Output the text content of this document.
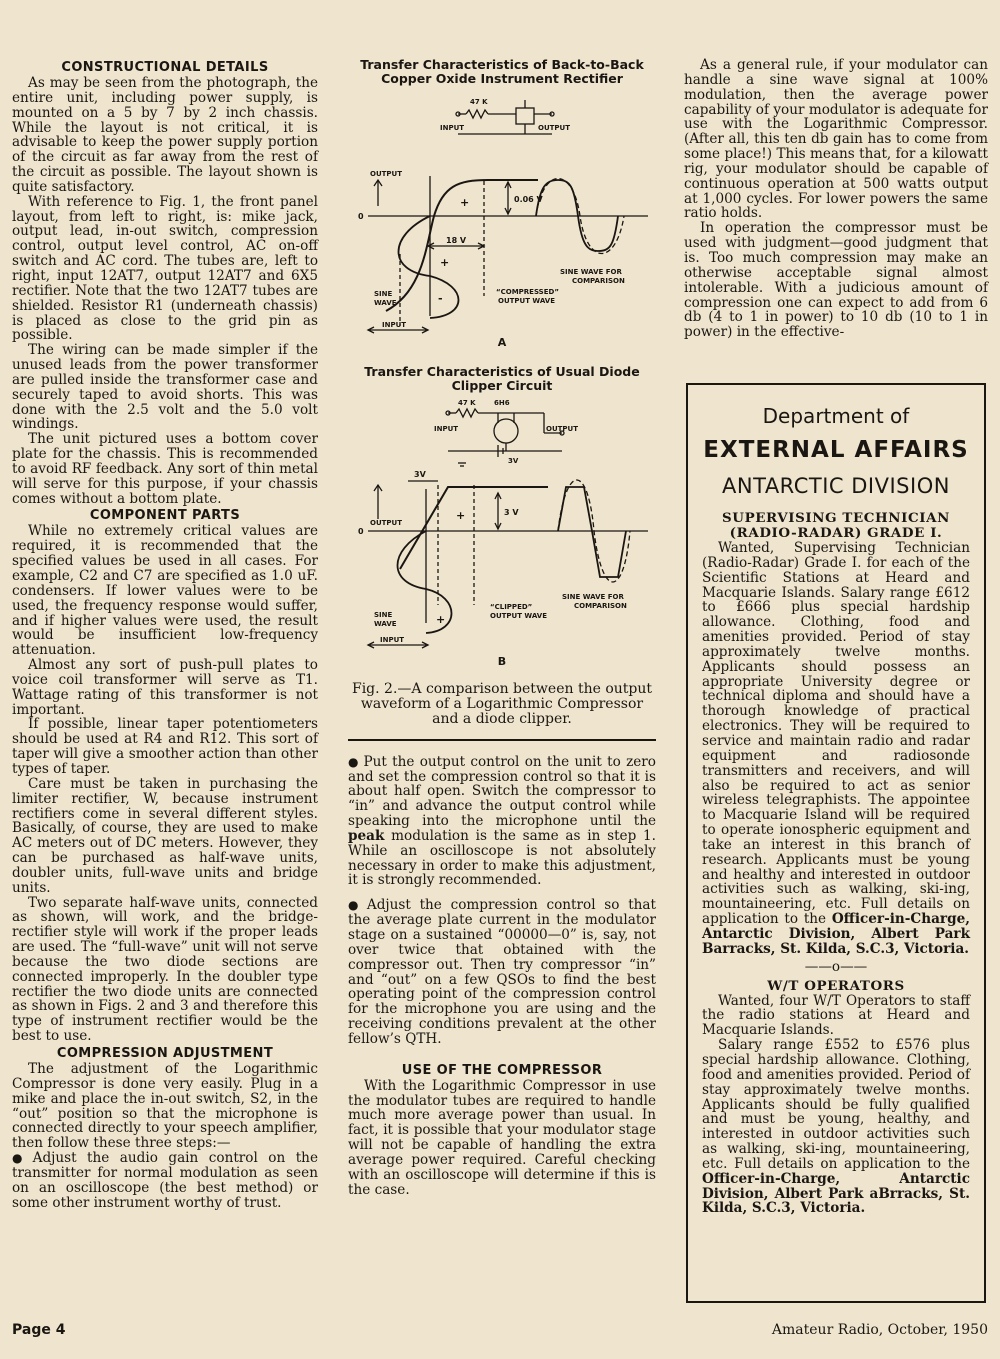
CONSTRUCTIONAL DETAILS

As may be seen from the photograph, the entire unit, including power supply, is mounted on a 5 by 7 by 2 inch chassis. While the layout is not critical, it is advisable to keep the power supply portion of the circuit as far away from the rest of the circuit as possible. The layout shown is quite satisfactory.

With reference to Fig. 1, the front panel layout, from left to right, is: mike jack, output lead, in-out switch, compression control, output level control, AC on-off switch and AC cord. The tubes are, left to right, input 12AT7, output 12AT7 and 6X5 rectifier. Note that the two 12AT7 tubes are shielded. Resistor R1 (underneath chassis) is placed as close to the grid pin as possible.

The wiring can be made simpler if the unused leads from the power transformer are pulled inside the transformer case and securely taped to avoid shorts. This was done with the 2.5 volt and the 5.0 volt windings.

The unit pictured uses a bottom cover plate for the chassis. This is recommended to avoid RF feedback. Any sort of thin metal will serve for this purpose, if your chassis comes without a bottom plate.

COMPONENT PARTS

While no extremely critical values are required, it is recommended that the specified values be used in all cases. For example, C2 and C7 are specified as 1.0 uF. condensers. If lower values were to be used, the frequency response would suffer, and if higher values were used, the result would be insufficient low-frequency attenuation.

Almost any sort of push-pull plates to voice coil transformer will serve as T1. Wattage rating of this transformer is not important.

If possible, linear taper potentiometers should be used at R4 and R12. This sort of taper will give a smoother action than other types of taper.

Care must be taken in purchasing the limiter rectifier, W, because instrument rectifiers come in several different styles. Basically, of course, they are used to make AC meters out of DC meters. However, they can be purchased as half-wave units, doubler units, full-wave units and bridge units.

Two separate half-wave units, connected as shown, will work, and the bridge-rectifier style will work if the proper leads are used. The “full-wave” unit will not serve because the two diode sections are connected improperly. In the doubler type rectifier the two diode units are connected as shown in Figs. 2 and 3 and therefore this type of instrument rectifier would be the best to use.

COMPRESSION ADJUSTMENT

The adjustment of the Logarithmic Compressor is done very easily. Plug in a mike and place the in-out switch, S2, in the “out” position so that the microphone is connected directly to your speech amplifier, then follow these three steps:—

● Adjust the audio gain control on the transmitter for normal modulation as seen on an oscilloscope (the best method) or some other instrument worthy of trust.

Transfer Characteristics of Back-to-Back Copper Oxide Instrument Rectifier
47 K
INPUT	OUTPUT
OUTPUT
0
0.06 V
18 V
+
+
-
SINE
WAVE
INPUT
“COMPRESSED”
OUTPUT WAVE
SINE WAVE FOR
COMPARISON
A
Transfer Characteristics of Usual Diode Clipper Circuit
47 K	6H6
INPUT	OUTPUT
3V
OUTPUT
0
3V
3 V
+
+
SINE
WAVE
INPUT
“CLIPPED”
OUTPUT WAVE
SINE WAVE FOR
COMPARISON
B
Fig. 2.—A comparison between the output waveform of a Logarithmic Compressor and a diode clipper.

● Put the output control on the unit to zero and set the compression control so that it is about half open. Switch the compressor to “in” and advance the output control while speaking into the microphone until the peak modulation is the same as in step 1. While an oscilloscope is not absolutely necessary in order to make this adjustment, it is strongly recommended.

● Adjust the compression control so that the average plate current in the modulator stage on a sustained “00000—0” is, say, not over twice that obtained with the compressor out. Then try compressor “in” and “out” on a few QSOs to find the best operating point of the compression control for the microphone you are using and the receiving conditions prevalent at the other fellow’s QTH.

USE OF THE COMPRESSOR

With the Logarithmic Compressor in use the modulator tubes are required to handle much more average power than usual. In fact, it is possible that your modulator stage will not be capable of handling the extra average power required. Careful checking with an oscilloscope will determine if this is the case.

As a general rule, if your modulator can handle a sine wave signal at 100% modulation, then the average power capability of your modulator is adequate for use with the Logarithmic Compressor. (After all, this ten db gain has to come from some place!) This means that, for a kilowatt rig, your modulator should be capable of continuous operation at 500 watts output at 1,000 cycles. For lower powers the same ratio holds.

In operation the compressor must be used with judgment—good judgment that is. Too much compression may make an otherwise acceptable signal almost intolerable. With a judicious amount of compression one can expect to add from 6 db (4 to 1 in power) to 10 db (10 to 1 in power) in the effective-

Department of
EXTERNAL AFFAIRS
ANTARCTIC DIVISION
SUPERVISING TECHNICIAN (RADIO-RADAR) GRADE I.

Wanted, Supervising Technician (Radio-Radar) Grade I. for each of the Scientific Stations at Heard and Macquarie Islands. Salary range £612 to £666 plus special hardship allowance. Clothing, food and amenities provided. Period of stay approximately twelve months. Applicants should possess an appropriate University degree or technical diploma and should have a thorough knowledge of practical electronics. They will be required to service and maintain radio and radar equipment and radiosonde transmitters and receivers, and will also be required to act as senior wireless telegraphists. The appointee to Macquarie Island will be required to operate ionospheric equipment and take an interest in this branch of research. Applicants must be young and healthy and interested in outdoor activities such as walking, ski-ing, mountaineering, etc. Full details on application to the Officer-in-Charge, Antarctic Division, Albert Park Barracks, St. Kilda, S.C.3, Victoria.

——o——
W/T OPERATORS

Wanted, four W/T Operators to staff the radio stations at Heard and Macquarie Islands.

Salary range £552 to £576 plus special hardship allowance. Clothing, food and amenities provided. Period of stay approximately twelve months. Applicants should be fully qualified and must be young, healthy, and interested in outdoor activities such as walking, ski-ing, mountaineering, etc. Full details on application to the Officer-in-Charge, Antarctic Division, Albert Park aBrracks, St. Kilda, S.C.3, Victoria.

Page 4	Amateur Radio, October, 1950
